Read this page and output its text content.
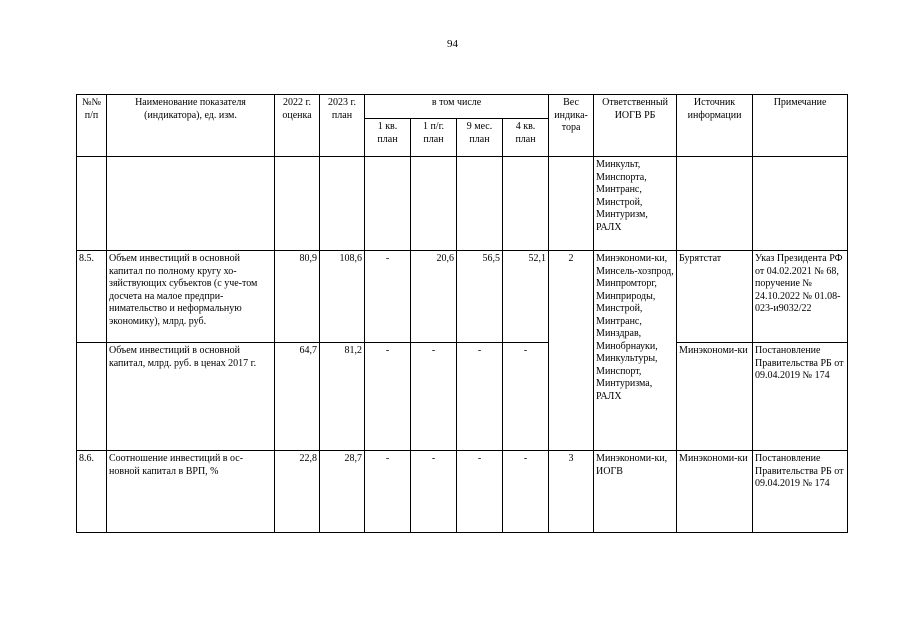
94
№№ п/п	Наименование показателя (индикатора), ед. изм.	2022 г. оценка	2023 г. план	в том числе				Вес индика-тора	Ответственный ИОГВ РБ	Источник информации	Примечание
				1 кв. план	1 п/г. план	9 мес. план	4 кв. план				
									Минкульт, Минспорта, Минтранс, Минстрой, Минтуризм, РАЛХ		
8.5.	Объем инвестиций в основной капитал по полному кругу хо-зяйствующих субъектов (с уче-том досчета на малое предпри-нимательство и неформальную экономику), млрд. руб.	80,9	108,6	-	20,6	56,5	52,1	2	Минэкономи-ки, Минсель-хозпрод, Минпромторг, Минприроды, Минстрой, Минтранс, Минздрав, Минобрнауки, Минкультуры, Минспорт, Минтуризма, РАЛХ	Бурятстат	Указ Президента РФ от 04.02.2021 № 68, поручение № 24.10.2022 № 01.08-023-и9032/22
	Объем инвестиций в основной капитал, млрд. руб. в ценах 2017 г.	64,7	81,2	-	-	-	-			Минэкономи-ки	Постановление Правительства РБ от 09.04.2019 № 174
8.6.	Соотношение инвестиций в ос-новной капитал в ВРП, %	22,8	28,7	-	-	-	-	3	Минэкономи-ки, ИОГВ	Минэкономи-ки	Постановление Правительства РБ от 09.04.2019 № 174
